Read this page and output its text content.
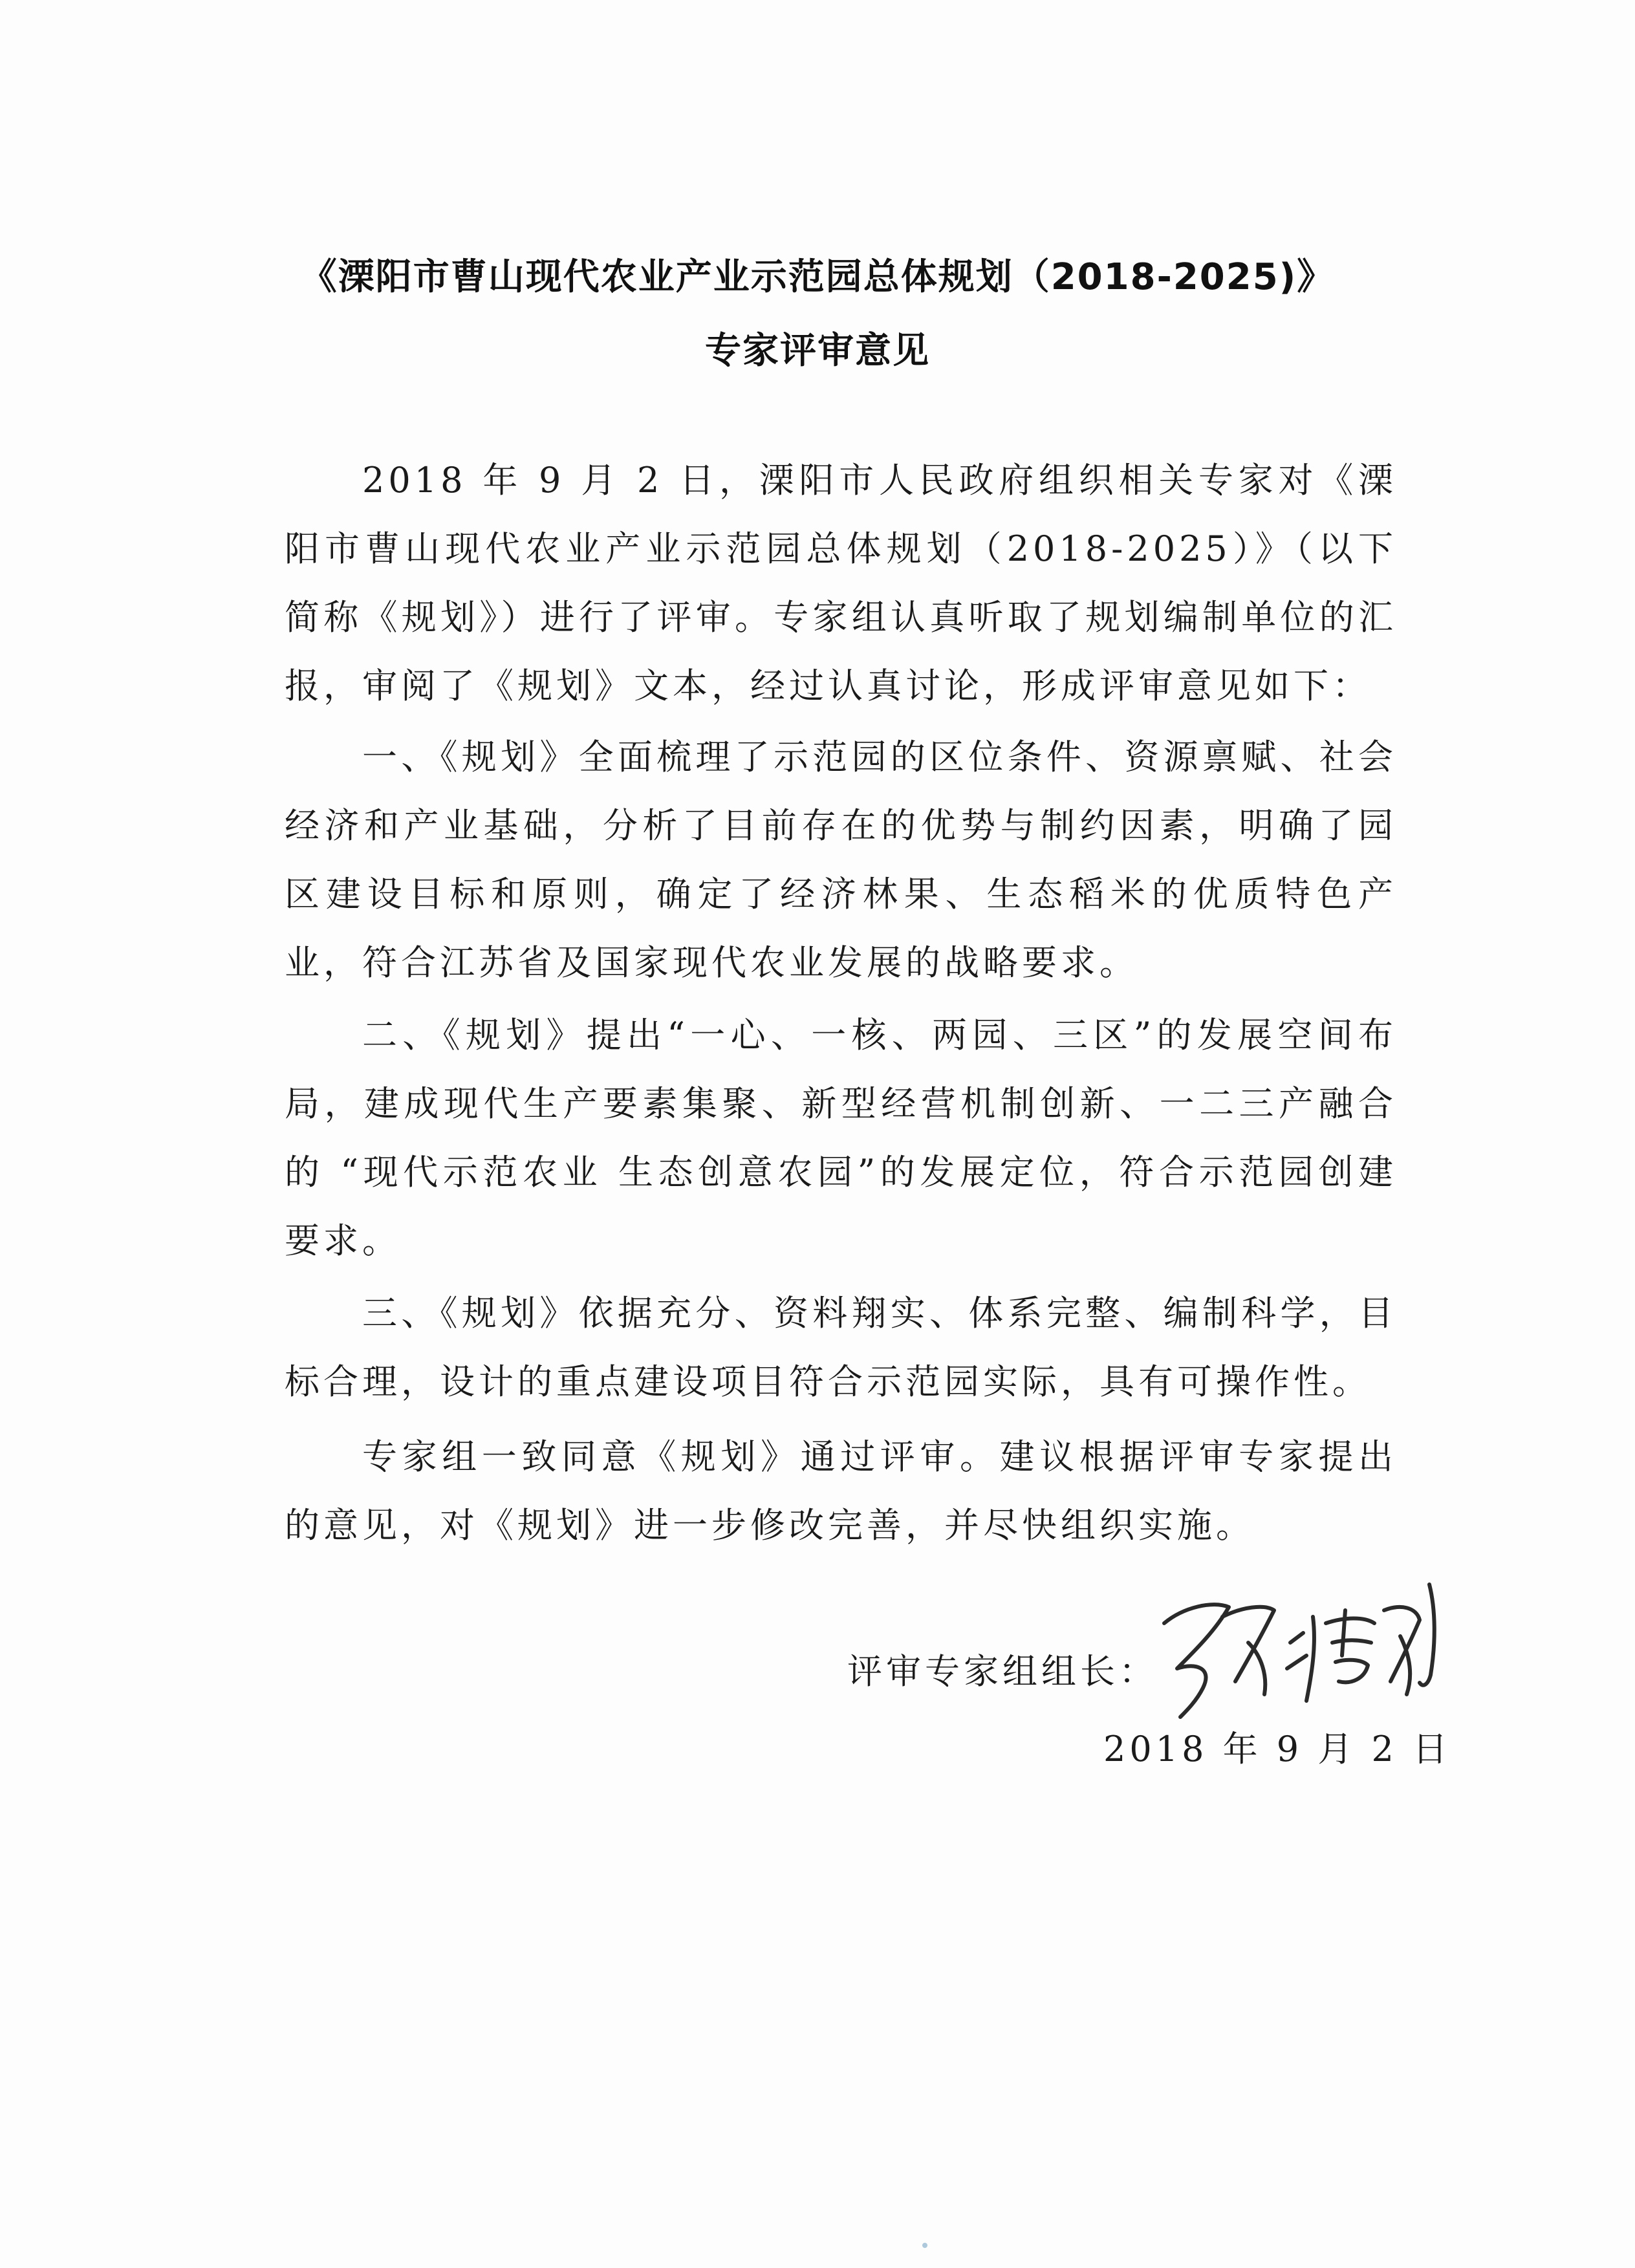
《溧阳市曹山现代农业产业示范园总体规划（2018-2025)》
专家评审意见

2018 年 9 月 2 日，溧阳市人民政府组织相关专家对《溧阳市曹山现代农业产业示范园总体规划（2018-2025）》（以下简称《规划》）进行了评审。专家组认真听取了规划编制单位的汇报，审阅了《规划》文本，经过认真讨论，形成评审意见如下：

一、《规划》全面梳理了示范园的区位条件、资源禀赋、社会经济和产业基础，分析了目前存在的优势与制约因素，明确了园区建设目标和原则，确定了经济林果、生态稻米的优质特色产业，符合江苏省及国家现代农业发展的战略要求。

二、《规划》提出“一心、一核、两园、三区”的发展空间布局，建成现代生产要素集聚、新型经营机制创新、一二三产融合的 “现代示范农业 生态创意农园”的发展定位，符合示范园创建要求。

三、《规划》依据充分、资料翔实、体系完整、编制科学，目标合理，设计的重点建设项目符合示范园实际，具有可操作性。

专家组一致同意《规划》通过评审。建议根据评审专家提出的意见，对《规划》进一步修改完善，并尽快组织实施。

评审专家组组长：
2018 年 9 月 2 日
